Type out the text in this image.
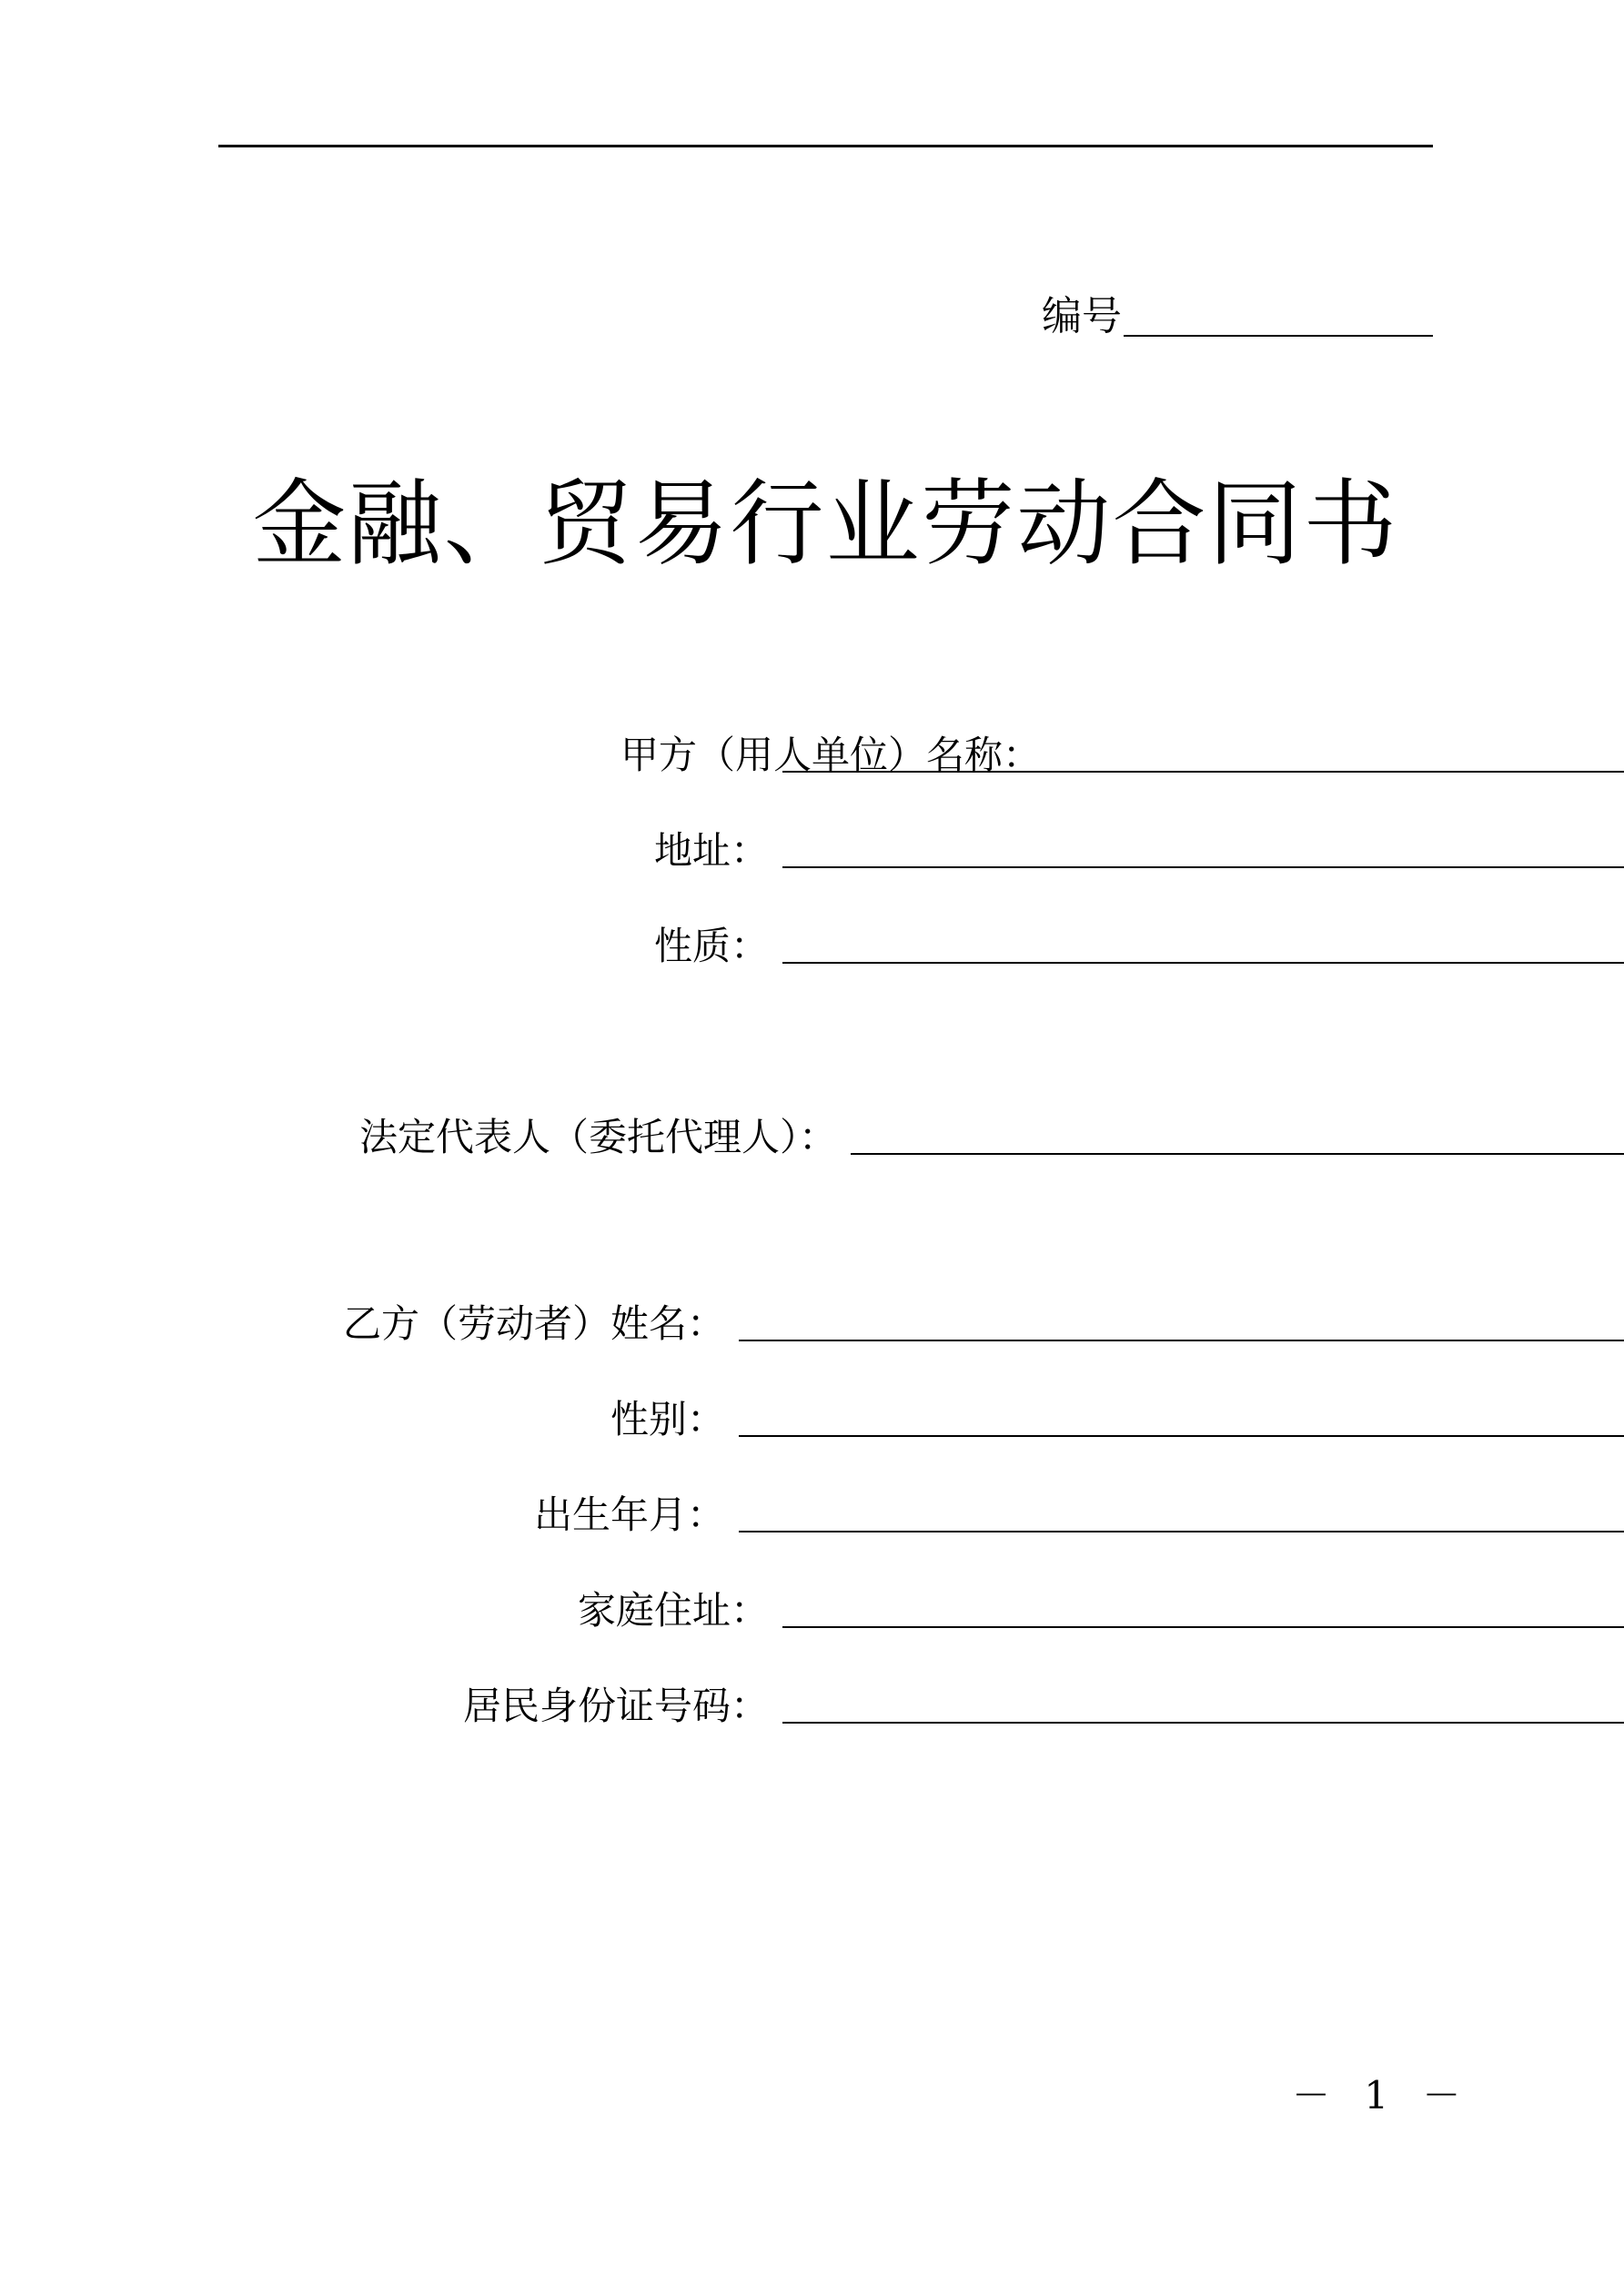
编号
金融、贸易行业劳动合同书
甲方（用人单位）名称：
地址：
性质：
法定代表人（委托代理人）：
乙方（劳动者）姓名：
性别：
出生年月：
家庭住址：
居民身份证号码：
－ 1 －
